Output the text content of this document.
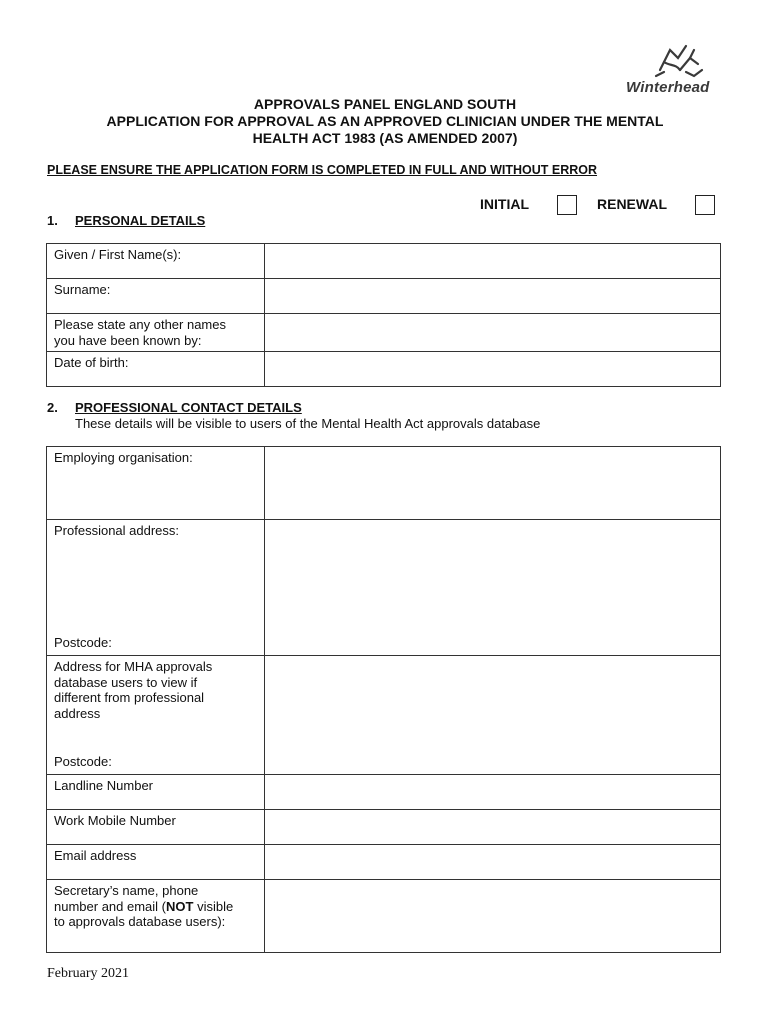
Winterhead
APPROVALS PANEL ENGLAND SOUTH
APPLICATION FOR APPROVAL AS AN APPROVED CLINICIAN UNDER THE MENTAL
HEALTH ACT 1983 (AS AMENDED 2007)
PLEASE ENSURE THE APPLICATION FORM IS COMPLETED IN FULL AND WITHOUT ERROR
INITIAL	RENEWAL
1. PERSONAL DETAILS
Given / First Name(s):	

Surname:	

Please state any other names
you have been known by:	

Date of birth:	
2. PROFESSIONAL CONTACT DETAILS
These details will be visible to users of the Mental Health Act approvals database
Employing organisation:	

Professional address:
Postcode:	

Address for MHA approvals
database users to view if
different from professional
address
Postcode:	

Landline Number	

Work Mobile Number	

Email address	

Secretary’s name, phone
number and email (NOT visible
to approvals database users):	

February 2021
